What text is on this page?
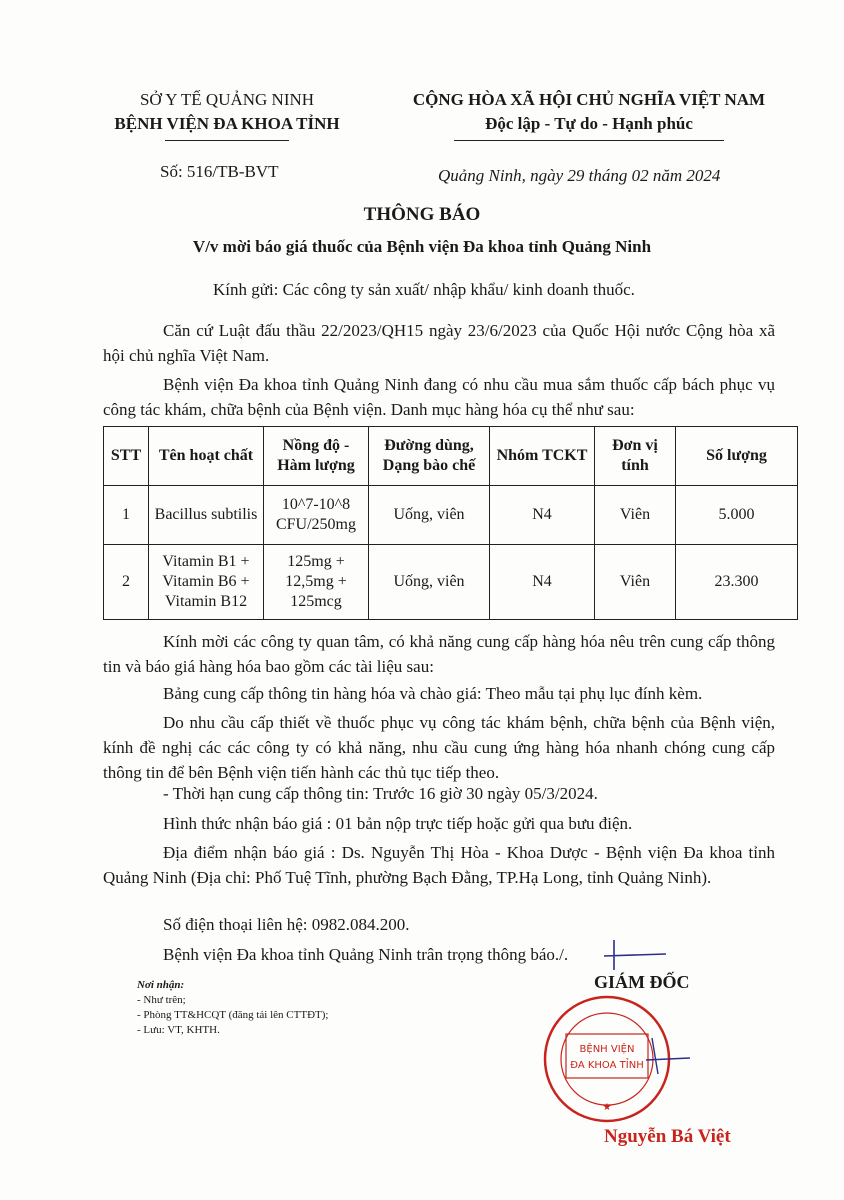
SỞ Y TẾ QUẢNG NINH
BỆNH VIỆN ĐA KHOA TỈNH
CỘNG HÒA XÃ HỘI CHỦ NGHĨA VIỆT NAM
Độc lập - Tự do - Hạnh phúc
Số: 516/TB-BVT	Quảng Ninh, ngày 29 tháng 02 năm 2024
THÔNG BÁO
V/v mời báo giá thuốc của Bệnh viện Đa khoa tỉnh Quảng Ninh
Kính gửi: Các công ty sản xuất/ nhập khẩu/ kinh doanh thuốc.
Căn cứ Luật đấu thầu 22/2023/QH15 ngày 23/6/2023 của Quốc Hội nước Cộng hòa xã hội chủ nghĩa Việt Nam.
Bệnh viện Đa khoa tỉnh Quảng Ninh đang có nhu cầu mua sắm thuốc cấp bách phục vụ công tác khám, chữa bệnh của Bệnh viện. Danh mục hàng hóa cụ thể như sau:
STT	Tên hoạt chất	Nồng độ - Hàm lượng	Đường dùng, Dạng bào chế	Nhóm TCKT	Đơn vị tính	Số lượng
1	Bacillus subtilis	10^7-10^8 CFU/250mg	Uống, viên	N4	Viên	5.000
2	Vitamin B1 + Vitamin B6 + Vitamin B12	125mg + 12,5mg + 125mcg	Uống, viên	N4	Viên	23.300
Kính mời các công ty quan tâm, có khả năng cung cấp hàng hóa nêu trên cung cấp thông tin và báo giá hàng hóa bao gồm các tài liệu sau:
Bảng cung cấp thông tin hàng hóa và chào giá: Theo mẫu tại phụ lục đính kèm.
Do nhu cầu cấp thiết về thuốc phục vụ công tác khám bệnh, chữa bệnh của Bệnh viện, kính đề nghị các các công ty có khả năng, nhu cầu cung ứng hàng hóa nhanh chóng cung cấp thông tin để bên Bệnh viện tiến hành các thủ tục tiếp theo.
- Thời hạn cung cấp thông tin: Trước 16 giờ 30 ngày 05/3/2024.
Hình thức nhận báo giá : 01 bản nộp trực tiếp hoặc gửi qua bưu điện.
Địa điểm nhận báo giá : Ds. Nguyễn Thị Hòa - Khoa Dược - Bệnh viện Đa khoa tỉnh Quảng Ninh (Địa chỉ: Phố Tuệ Tĩnh, phường Bạch Đằng, TP.Hạ Long, tỉnh Quảng Ninh).
Số điện thoại liên hệ: 0982.084.200.
Bệnh viện Đa khoa tỉnh Quảng Ninh trân trọng thông báo./.
Nơi nhận:
- Như trên;
- Phòng TT&HCQT (đăng tải lên CTTĐT);
- Lưu: VT, KHTH.
GIÁM ĐỐC
BỆNH VIỆN
ĐA KHOA TỈNH
★
Nguyễn Bá Việt
